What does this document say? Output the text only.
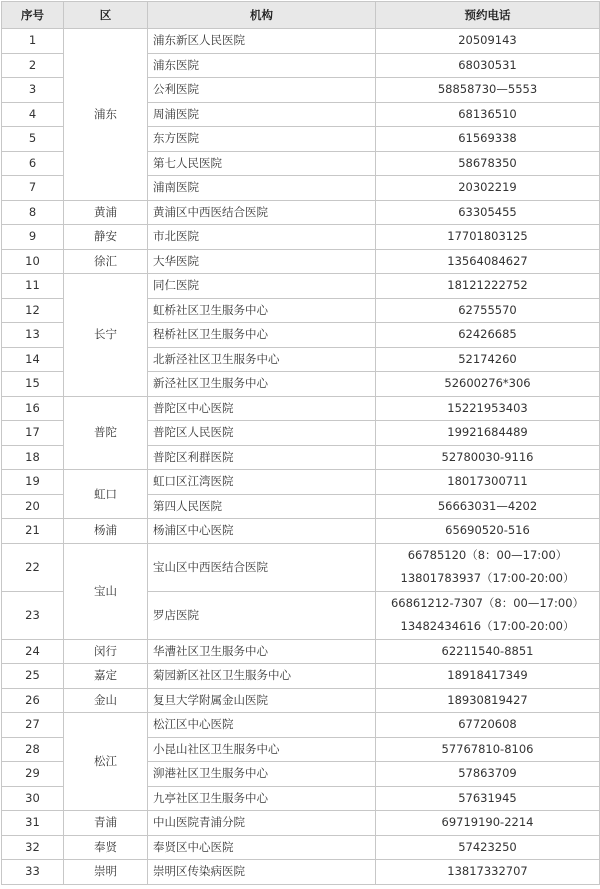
序号	区	机构	预约电话
1	浦东	浦东新区人民医院	20509143

2		浦东医院	68030531

3		公利医院	58858730—5553

4		周浦医院	68136510

5		东方医院	61569338

6		第七人民医院	58678350

7		浦南医院	20302219

8	黄浦	黄浦区中西医结合医院	63305455

9	静安	市北医院	17701803125

10	徐汇	大华医院	13564084627

11	长宁	同仁医院	18121222752

12		虹桥社区卫生服务中心	62755570

13		程桥社区卫生服务中心	62426685

14		北新泾社区卫生服务中心	52174260

15		新泾社区卫生服务中心	52600276*306

16	普陀	普陀区中心医院	15221953403

17		普陀区人民医院	19921684489

18		普陀区利群医院	52780030-9116

19	虹口	虹口区江湾医院	18017300711

20		第四人民医院	56663031—4202

21	杨浦	杨浦区中心医院	65690520-516

22	宝山	宝山区中西医结合医院	66785120（8：00—17:00）
13801783937（17:00-20:00）

23		罗店医院	66861212-7307（8：00—17:00）
13482434616（17:00-20:00）

24	闵行	华漕社区卫生服务中心	62211540-8851

25	嘉定	菊园新区社区卫生服务中心	18918417349

26	金山	复旦大学附属金山医院	18930819427

27	松江	松江区中心医院	67720608

28		小昆山社区卫生服务中心	57767810-8106

29		泖港社区卫生服务中心	57863709

30		九亭社区卫生服务中心	57631945

31	青浦	中山医院青浦分院	69719190-2214

32	奉贤	奉贤区中心医院	57423250

33	崇明	崇明区传染病医院	13817332707
